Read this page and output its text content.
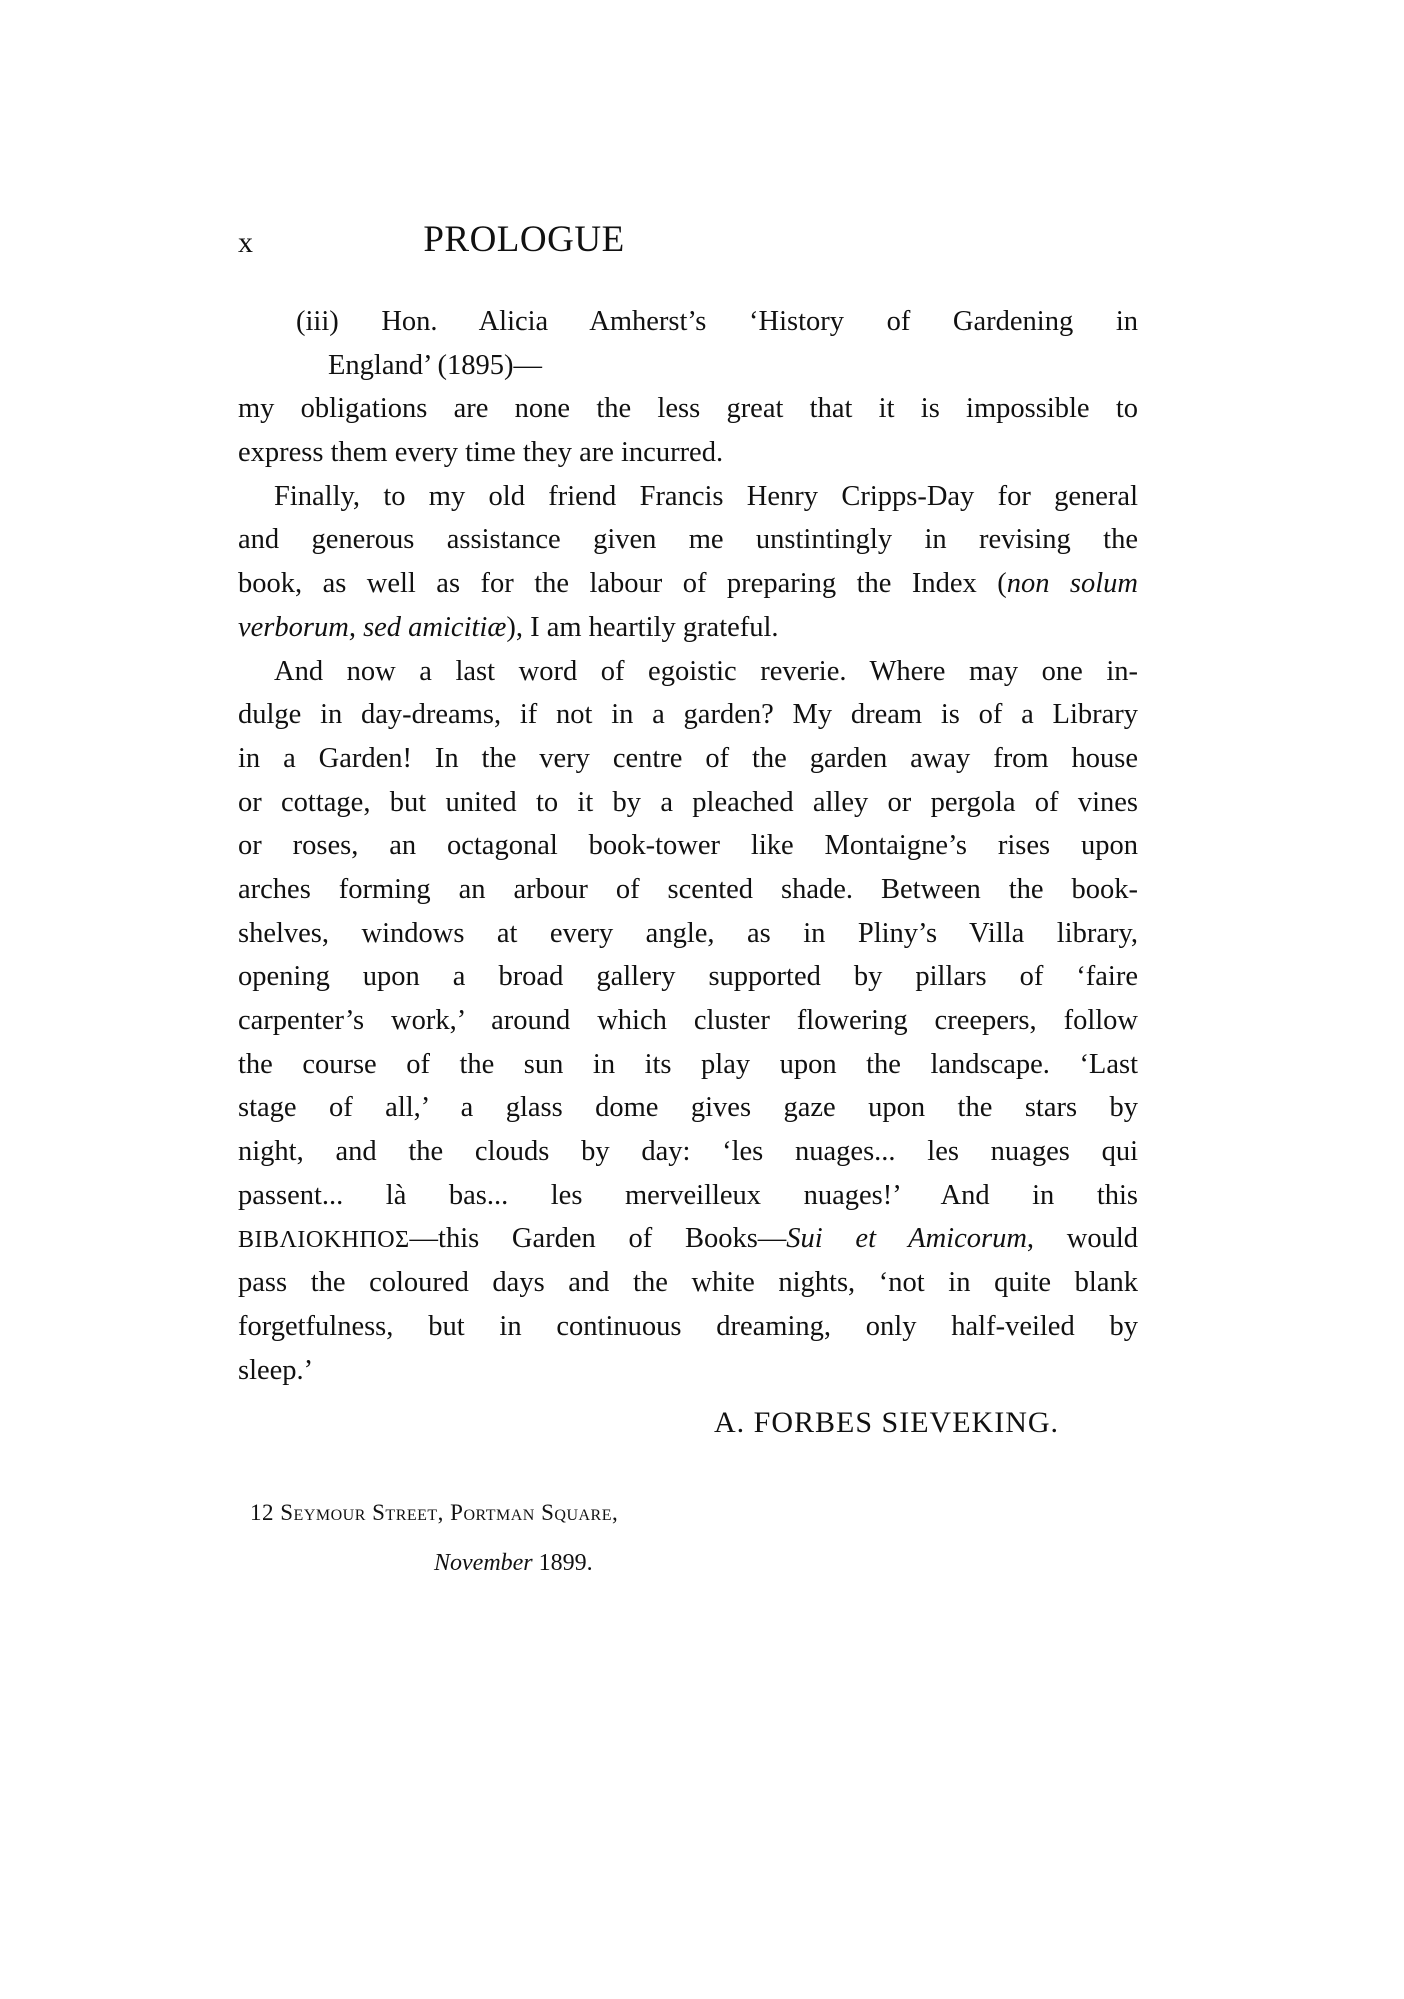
x	PROLOGUE
(iii) Hon. Alicia Amherst’s ‘History of Gardening in
England’ (1895)—
my obligations are none the less great that it is impossible to
express them every time they are incurred.
Finally, to my old friend Francis Henry Cripps-Day for general
and generous assistance given me unstintingly in revising the
book, as well as for the labour of preparing the Index (non solum
verborum, sed amicitiæ), I am heartily grateful.
And now a last word of egoistic reverie. Where may one in-
dulge in day-dreams, if not in a garden? My dream is of a Library
in a Garden! In the very centre of the garden away from house
or cottage, but united to it by a pleached alley or pergola of vines
or roses, an octagonal book-tower like Montaigne’s rises upon
arches forming an arbour of scented shade. Between the book-
shelves, windows at every angle, as in Pliny’s Villa library,
opening upon a broad gallery supported by pillars of ‘faire
carpenter’s work,’ around which cluster flowering creepers, follow
the course of the sun in its play upon the landscape. ‘Last
stage of all,’ a glass dome gives gaze upon the stars by
night, and the clouds by day: ‘les nuages... les nuages qui
passent... là bas... les merveilleux nuages!’ And in this
BIBΛIOKHΠOΣ—this Garden of Books—Sui et Amicorum, would
pass the coloured days and the white nights, ‘not in quite blank
forgetfulness, but in continuous dreaming, only half-veiled by
sleep.’
A. FORBES SIEVEKING.
12 Seymour Street, Portman Square,
November 1899.
